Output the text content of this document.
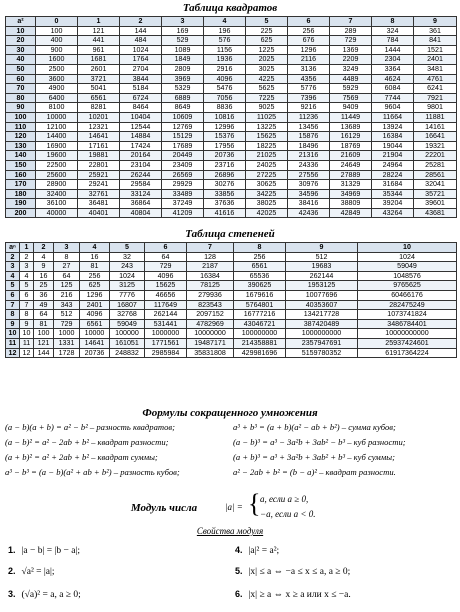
Таблица квадратов
a²	0	1	2	3	4	5	6	7	8	9
10	100	121	144	169	196	225	256	289	324	361
20	400	441	484	529	576	625	676	729	784	841
30	900	961	1024	1089	1156	1225	1296	1369	1444	1521
40	1600	1681	1764	1849	1936	2025	2116	2209	2304	2401
50	2500	2601	2704	2809	2916	3025	3136	3249	3364	3481
60	3600	3721	3844	3969	4096	4225	4356	4489	4624	4761
70	4900	5041	5184	5329	5476	5625	5776	5929	6084	6241
80	6400	6561	6724	6889	7056	7225	7396	7569	7744	7921
90	8100	8281	8464	8649	8836	9025	9216	9409	9604	9801
100	10000	10201	10404	10609	10816	11025	11236	11449	11664	11881
110	12100	12321	12544	12769	12996	13225	13456	13689	13924	14161
120	14400	14641	14884	15129	15376	15625	15876	16129	16384	16641
130	16900	17161	17424	17689	17956	18225	18496	18769	19044	19321
140	19600	19881	20164	20449	20736	21025	21316	21609	21904	22201
150	22500	22801	23104	23409	23716	24025	24336	24649	24964	25281
160	25600	25921	26244	26569	26896	27225	27556	27889	28224	28561
170	28900	29241	29584	29929	30276	30625	30976	31329	31684	32041
180	32400	32761	33124	33489	33856	34225	34596	34969	35344	35721
190	36100	36481	36864	37249	37636	38025	38416	38809	39204	39601
200	40000	40401	40804	41209	41616	42025	42436	42849	43264	43681
Таблица степеней
aⁿ	1	2	3	4	5	6	7	8	9	10
2	2	4	8	16	32	64	128	256	512	1024
3	3	9	27	81	243	729	2187	6561	19683	59049
4	4	16	64	256	1024	4096	16384	65536	262144	1048576
5	5	25	125	625	3125	15625	78125	390625	1953125	9765625
6	6	36	216	1296	7776	46656	279936	1679616	10077696	60466176
7	7	49	343	2401	16807	117649	823543	5764801	40353607	282475249
8	8	64	512	4096	32768	262144	2097152	16777216	134217728	1073741824
9	9	81	729	6561	59049	531441	4782969	43046721	387420489	3486784401
10	10	100	1000	10000	100000	1000000	10000000	100000000	1000000000	10000000000
11	11	121	1331	14641	161051	1771561	19487171	214358881	2357947691	25937424601
12	12	144	1728	20736	248832	2985984	35831808	429981696	5159780352	61917364224
Формулы сокращенного умножения
(a − b)(a + b) = a² − b² – разность квадратов;
(a − b)² = a² − 2ab + b² – квадрат разности;
(a + b)² = a² + 2ab + b² – квадрат суммы;
a³ − b³ = (a − b)(a² + ab + b²) – разность кубов;
a³ + b³ = (a + b)(a² − ab + b²) – сумма кубов;
(a − b)³ = a³ − 3a²b + 3ab² − b³ – куб разности;
(a + b)³ = a³ + 3a²b + 3ab² + b³ – куб суммы;
a² − 2ab + b² = (b − a)² – квадрат разности.
Модуль числа	|a| = { a, если a ≥ 0,
−a, если a < 0.
Свойства модуля
1. |a − b| = |b − a|;
2. √a² = |a|;
3. (√a)² = a, a ≥ 0;
4. |a|² = a²;
5. |x| ≤ a ⇔ −a ≤ x ≤ a, a ≥ 0;
6. |x| ≥ a ⇔ x ≥ a или x ≤ −a.
